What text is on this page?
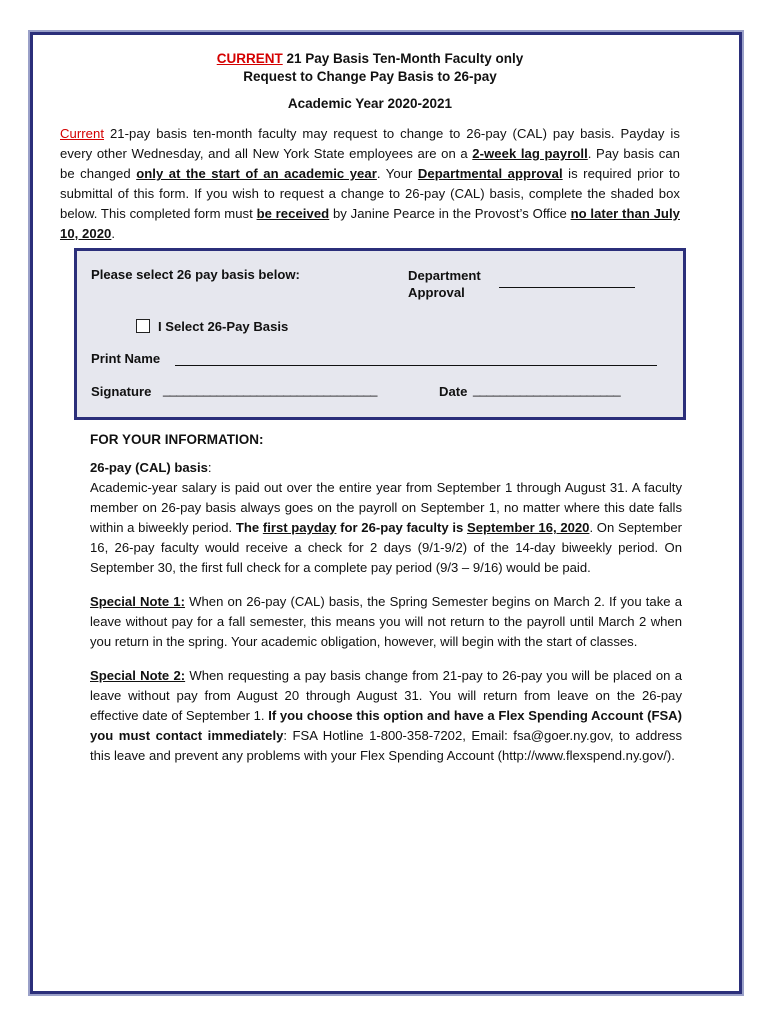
CURRENT 21 Pay Basis Ten-Month Faculty only

Request to Change Pay Basis to 26-pay

Academic Year 2020-2021

Current 21-pay basis ten-month faculty may request to change to 26-pay (CAL) pay basis. Payday is every other Wednesday, and all New York State employees are on a 2-week lag payroll. Pay basis can be changed only at the start of an academic year. Your Departmental approval is required prior to submittal of this form. If you wish to request a change to 26-pay (CAL) basis, complete the shaded box below. This completed form must be received by Janine Pearce in the Provost’s Office no later than July 10, 2020.

Please select 26 pay basis below:	Department
Approval
I Select 26-Pay Basis
Print Name
Signature ________________________________	Date ______________________
FOR YOUR INFORMATION:

26-pay (CAL) basis:

Academic-year salary is paid out over the entire year from September 1 through August 31. A faculty member on 26-pay basis always goes on the payroll on September 1, no matter where this date falls within a biweekly period. The first payday for 26-pay faculty is September 16, 2020. On September 16, 26-pay faculty would receive a check for 2 days (9/1-9/2) of the 14-day biweekly period. On September 30, the first full check for a complete pay period (9/3 – 9/16) would be paid.

Special Note 1: When on 26-pay (CAL) basis, the Spring Semester begins on March 2. If you take a leave without pay for a fall semester, this means you will not return to the payroll until March 2 when you return in the spring. Your academic obligation, however, will begin with the start of classes.

Special Note 2: When requesting a pay basis change from 21-pay to 26-pay you will be placed on a leave without pay from August 20 through August 31. You will return from leave on the 26-pay effective date of September 1. If you choose this option and have a Flex Spending Account (FSA) you must contact immediately: FSA Hotline 1-800-358-7202, Email: fsa@goer.ny.gov, to address this leave and prevent any problems with your Flex Spending Account (http://www.flexspend.ny.gov/).
